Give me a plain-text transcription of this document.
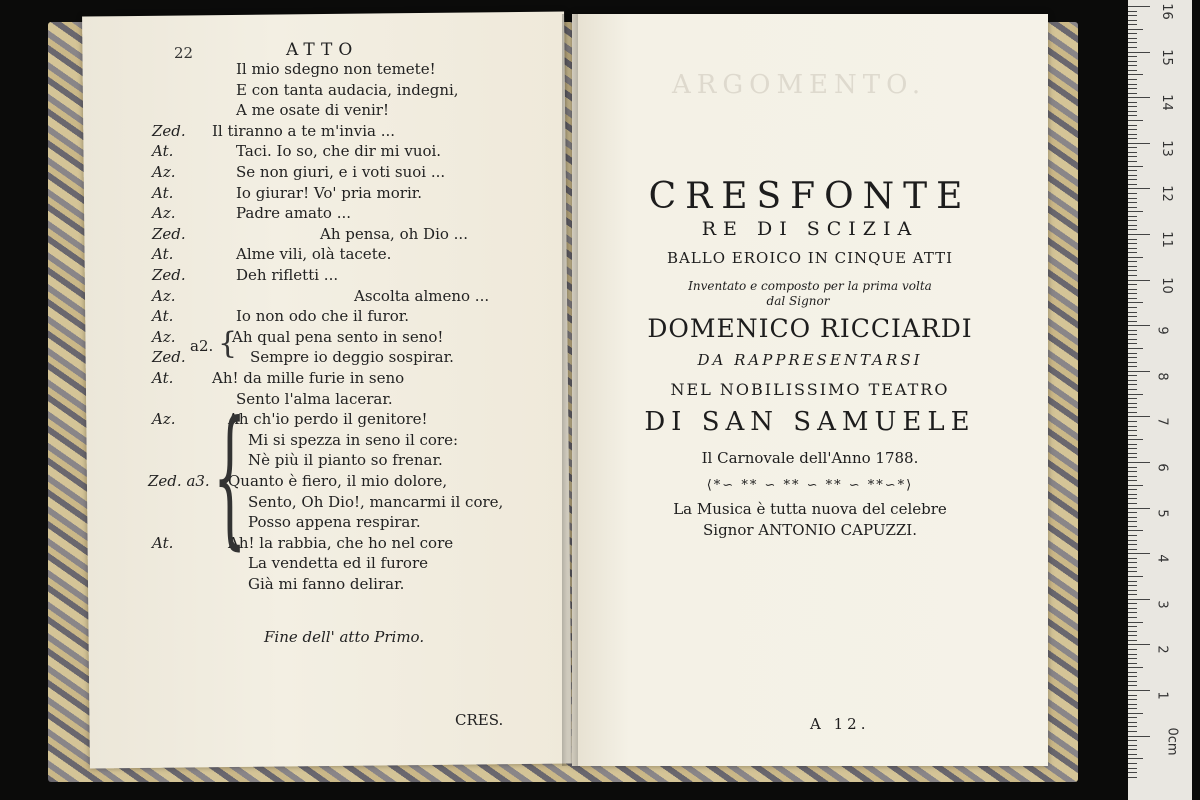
ARGOMENTO.
22	ATTO
Il mio sdegno non temete!
E con tanta audacia, indegni,
A me osate di venir!
Zed. Il tiranno a te m'invia ...
At.	Taci. Io so, che dir mi vuoi.
Az.	Se non giuri, e i voti suoi ...
At.	Io giurar! Vo' pria morir.
Az.	Padre amato ...
Zed.	Ah pensa, oh Dio ...
At.	Alme vili, olà tacete.
Zed.	Deh rifletti ...
Az.	Ascolta almeno ...
At.	Io non odo che il furor.
Az.	Ah qual pena sento in seno!
Zed.	Sempre io deggio sospirar.
At.	Ah! da mille furie in seno
Sento l'alma lacerar.
Az.	Ah ch'io perdo il genitore!
Mi si spezza in seno il core:
Nè più il pianto so frenar.
Zed. a3. Quanto è fiero, il mio dolore,
Sento, Oh Dio!, mancarmi il core,
Posso appena respirar.
At.	Ah! la rabbia, che ho nel core
La vendetta ed il furore
Già mi fanno delirar.
a2. {
{
Fine dell' atto Primo.
CRES.
CRESFONTE
RE DI SCIZIA
BALLO EROICO IN CINQUE ATTI
Inventato e composto per la prima volta
dal Signor
DOMENICO RICCIARDI
DA RAPPRESENTARSI
NEL NOBILISSIMO TEATRO
DI SAN SAMUELE
Il Carnovale dell'Anno 1788.
⟨*∽ ** ∽ ** ∽ ** ∽ **∽*⟩
La Musica è tutta nuova del celebre
Signor ANTONIO CAPUZZI.
A 12.
16
15
14
13
12
11
10
9
8
7
6
5
4
3
2
1
0cm
